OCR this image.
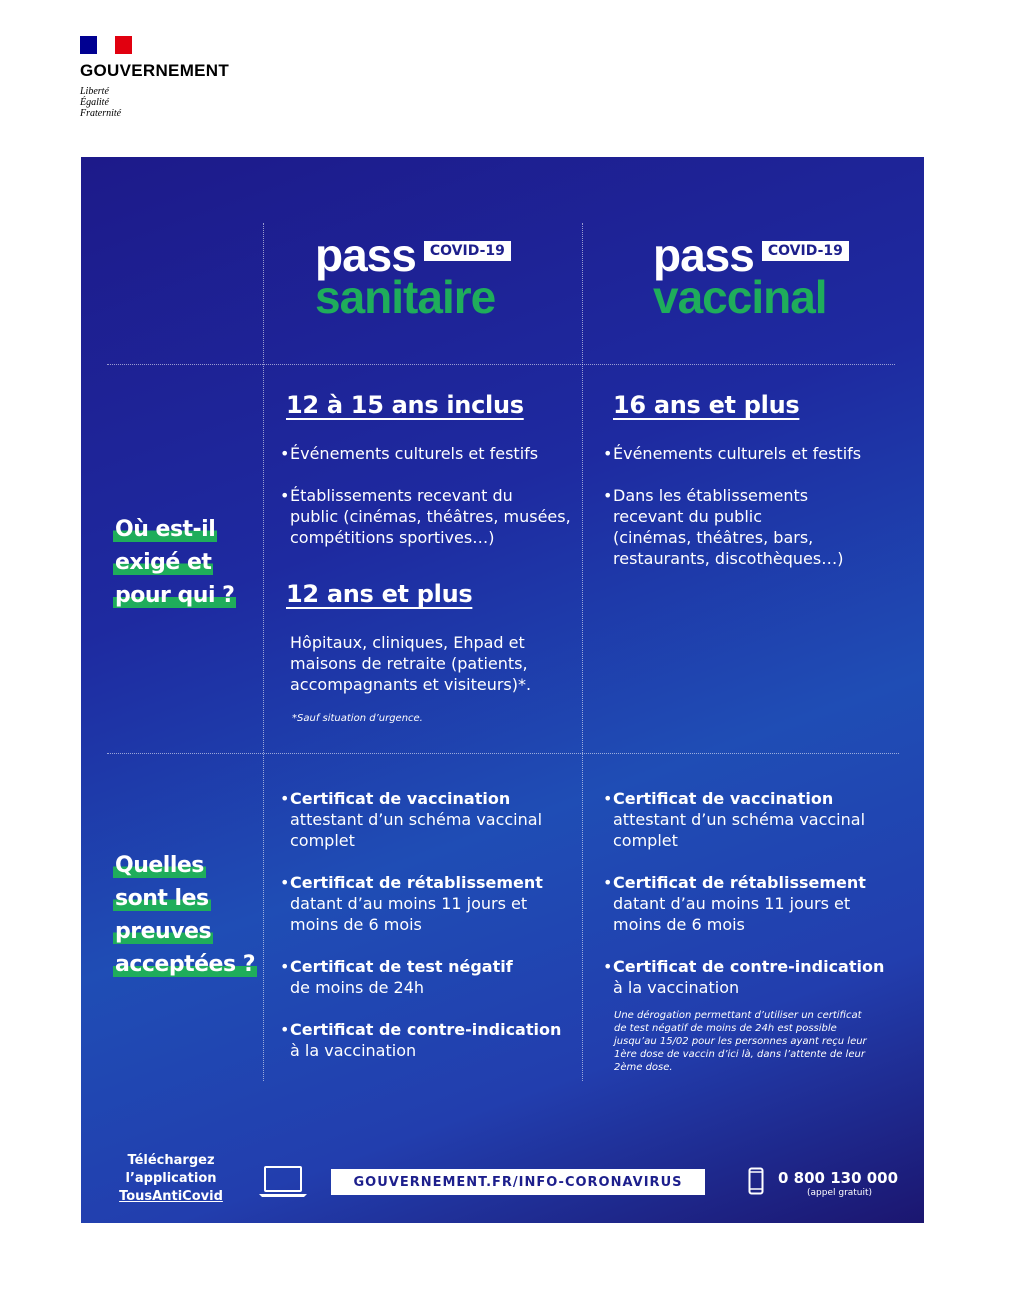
GOUVERNEMENT
Liberté
Égalité
Fraternité
pass COVID-19
sanitaire
pass COVID-19
vaccinal
Où est-il
exigé et
pour qui ?
12 à 15 ans inclus
• Événements culturels et festifs
• Établissements recevant du
public (cinémas, théâtres, musées,
compétitions sportives…)
12 ans et plus
Hôpitaux, cliniques, Ehpad et
maisons de retraite (patients,
accompagnants et visiteurs)*.
*Sauf situation d’urgence.
16 ans et plus
• Événements culturels et festifs
• Dans les établissements
recevant du public
(cinémas, théâtres, bars,
restaurants, discothèques…)
Quelles
sont les
preuves
acceptées ?
• Certificat de vaccination
attestant d’un schéma vaccinal
complet
• Certificat de rétablissement
datant d’au moins 11 jours et
moins de 6 mois
• Certificat de test négatif
de moins de 24h
• Certificat de contre-indication
à la vaccination
• Certificat de vaccination
attestant d’un schéma vaccinal
complet
• Certificat de rétablissement
datant d’au moins 11 jours et
moins de 6 mois
• Certificat de contre-indication
à la vaccination
Une dérogation permettant d’utiliser un certificat
de test négatif de moins de 24h est possible
jusqu’au 15/02 pour les personnes ayant reçu leur
1ère dose de vaccin d’ici là, dans l’attente de leur
2ème dose.
Téléchargez
l’application
TousAntiCovid
GOUVERNEMENT.FR/INFO-CORONAVIRUS	0 800 130 000
(appel gratuit)
